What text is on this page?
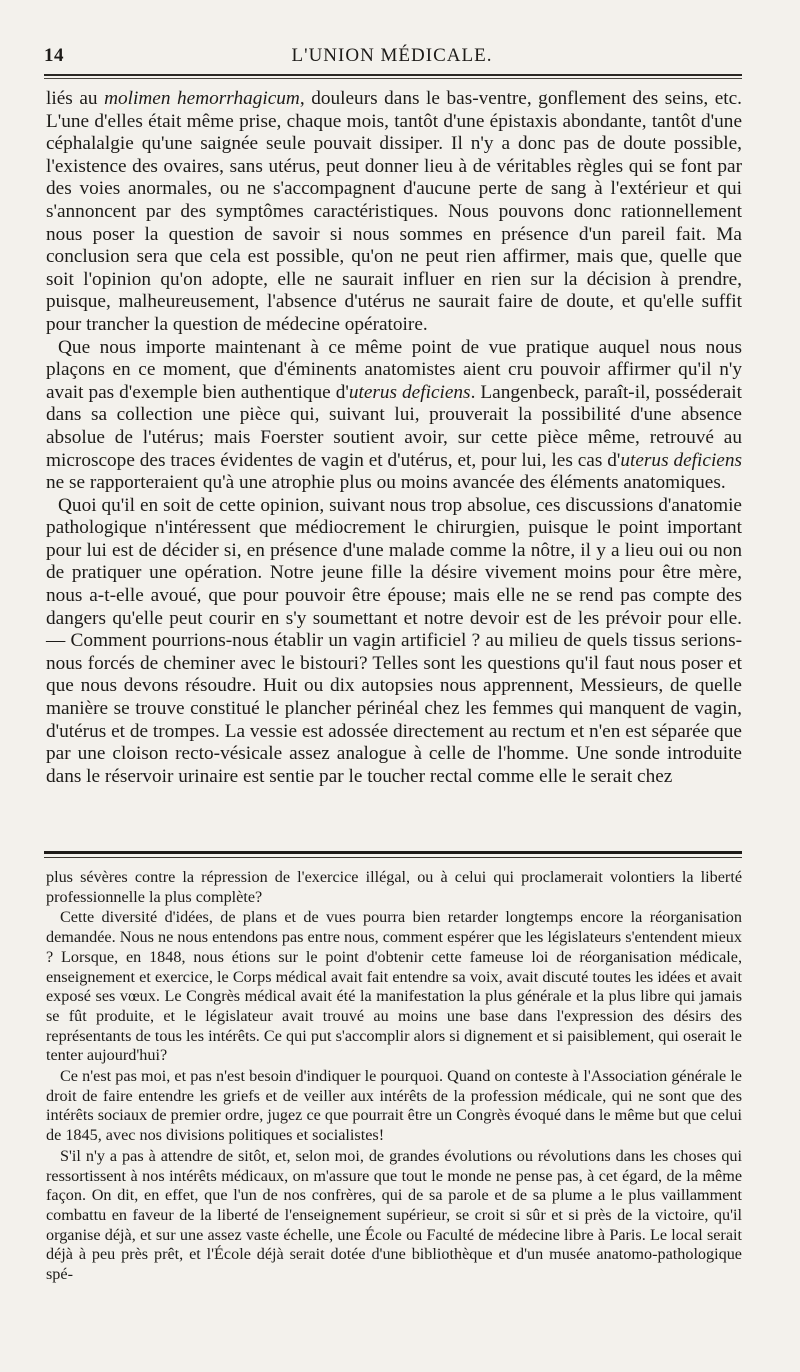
14	L'UNION MÉDICALE.

liés au molimen hemorrhagicum, douleurs dans le bas-ventre, gonflement des seins, etc. L'une d'elles était même prise, chaque mois, tantôt d'une épistaxis abondante, tantôt d'une céphalalgie qu'une saignée seule pouvait dissiper. Il n'y a donc pas de doute possible, l'existence des ovaires, sans utérus, peut donner lieu à de véritables règles qui se font par des voies anormales, ou ne s'accompagnent d'aucune perte de sang à l'extérieur et qui s'annoncent par des symptômes caractéristiques. Nous pouvons donc rationnellement nous poser la question de savoir si nous sommes en présence d'un pareil fait. Ma conclusion sera que cela est possible, qu'on ne peut rien affirmer, mais que, quelle que soit l'opinion qu'on adopte, elle ne saurait influer en rien sur la décision à prendre, puisque, malheureusement, l'absence d'utérus ne saurait faire de doute, et qu'elle suffit pour trancher la question de médecine opératoire.

Que nous importe maintenant à ce même point de vue pratique auquel nous nous plaçons en ce moment, que d'éminents anatomistes aient cru pouvoir affirmer qu'il n'y avait pas d'exemple bien authentique d'uterus deficiens. Langenbeck, paraît-il, posséderait dans sa collection une pièce qui, suivant lui, prouverait la possibilité d'une absence absolue de l'utérus; mais Foerster soutient avoir, sur cette pièce même, retrouvé au microscope des traces évidentes de vagin et d'utérus, et, pour lui, les cas d'uterus deficiens ne se rapporteraient qu'à une atrophie plus ou moins avancée des éléments anatomiques.

Quoi qu'il en soit de cette opinion, suivant nous trop absolue, ces discussions d'anatomie pathologique n'intéressent que médiocrement le chirurgien, puisque le point important pour lui est de décider si, en présence d'une malade comme la nôtre, il y a lieu oui ou non de pratiquer une opération. Notre jeune fille la désire vivement moins pour être mère, nous a-t-elle avoué, que pour pouvoir être épouse; mais elle ne se rend pas compte des dangers qu'elle peut courir en s'y soumettant et notre devoir est de les prévoir pour elle. — Comment pourrions-nous établir un vagin artificiel ? au milieu de quels tissus serions-nous forcés de cheminer avec le bistouri? Telles sont les questions qu'il faut nous poser et que nous devons résoudre. Huit ou dix autopsies nous apprennent, Messieurs, de quelle manière se trouve constitué le plancher périnéal chez les femmes qui manquent de vagin, d'utérus et de trompes. La vessie est adossée directement au rectum et n'en est séparée que par une cloison recto-vésicale assez analogue à celle de l'homme. Une sonde introduite dans le réservoir urinaire est sentie par le toucher rectal comme elle le serait chez

plus sévères contre la répression de l'exercice illégal, ou à celui qui proclamerait volontiers la liberté professionnelle la plus complète?

Cette diversité d'idées, de plans et de vues pourra bien retarder longtemps encore la réorganisation demandée. Nous ne nous entendons pas entre nous, comment espérer que les législateurs s'entendent mieux ? Lorsque, en 1848, nous étions sur le point d'obtenir cette fameuse loi de réorganisation médicale, enseignement et exercice, le Corps médical avait fait entendre sa voix, avait discuté toutes les idées et avait exposé ses vœux. Le Congrès médical avait été la manifestation la plus générale et la plus libre qui jamais se fût produite, et le législateur avait trouvé au moins une base dans l'expression des désirs des représentants de tous les intérêts. Ce qui put s'accomplir alors si dignement et si paisiblement, qui oserait le tenter aujourd'hui?

Ce n'est pas moi, et pas n'est besoin d'indiquer le pourquoi. Quand on conteste à l'Association générale le droit de faire entendre les griefs et de veiller aux intérêts de la profession médicale, qui ne sont que des intérêts sociaux de premier ordre, jugez ce que pourrait être un Congrès évoqué dans le même but que celui de 1845, avec nos divisions politiques et socialistes!

S'il n'y a pas à attendre de sitôt, et, selon moi, de grandes évolutions ou révolutions dans les choses qui ressortissent à nos intérêts médicaux, on m'assure que tout le monde ne pense pas, à cet égard, de la même façon. On dit, en effet, que l'un de nos confrères, qui de sa parole et de sa plume a le plus vaillamment combattu en faveur de la liberté de l'enseignement supérieur, se croit si sûr et si près de la victoire, qu'il organise déjà, et sur une assez vaste échelle, une École ou Faculté de médecine libre à Paris. Le local serait déjà à peu près prêt, et l'École déjà serait dotée d'une bibliothèque et d'un musée anatomo-pathologique spé-
